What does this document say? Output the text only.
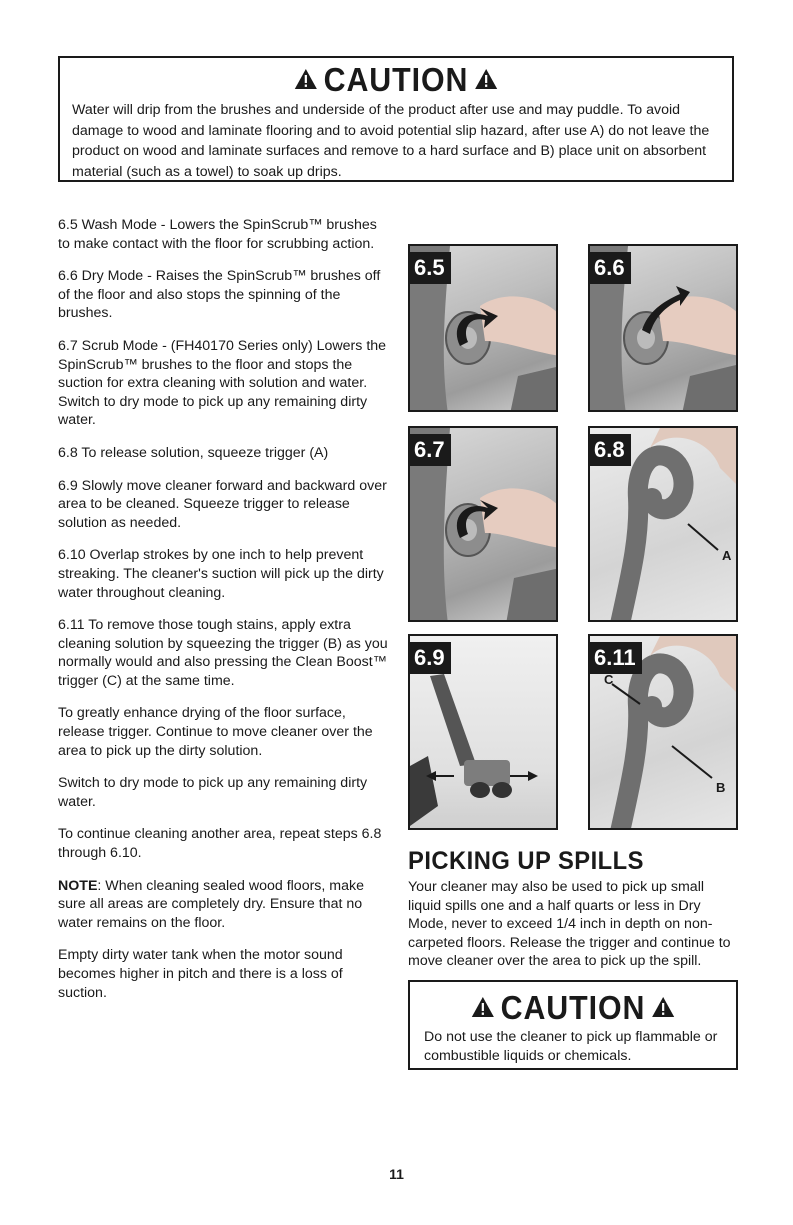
CAUTION

Water will drip from the brushes and underside of the product after use and may puddle. To avoid damage to wood and laminate flooring and to avoid potential slip hazard, after use A) do not leave the product on wood and laminate surfaces and remove to a hard surface and B) place unit on absorbent material (such as a towel) to soak up drips.

6.5 Wash Mode - Lowers the SpinScrub™ brushes to make contact with the floor for scrubbing action.

6.6 Dry Mode - Raises the SpinScrub™ brushes off of the floor and also stops the spinning of the brushes.

6.7 Scrub Mode - (FH40170 Series only) Lowers the SpinScrub™ brushes to the floor and stops the suction for extra cleaning with solution and water. Switch to dry mode to pick up any remaining dirty water.

6.8 To release solution, squeeze trigger (A)

6.9 Slowly move cleaner forward and backward over area to be cleaned. Squeeze trigger to release solution as needed.

6.10 Overlap strokes by one inch to help prevent streaking. The cleaner's suction will pick up the dirty water throughout cleaning.

6.11 To remove those tough stains, apply extra cleaning solution by squeezing the trigger (B) as you normally would and also pressing the Clean Boost™ trigger (C) at the same time.

To greatly enhance drying of the floor surface, release trigger. Continue to move cleaner over the area to pick up the dirty solution.

Switch to dry mode to pick up any remaining dirty water.

To continue cleaning another area, repeat steps 6.8 through 6.10.

NOTE: When cleaning sealed wood floors, make sure all areas are completely dry. Ensure that no water remains on the floor.

Empty dirty water tank when the motor sound becomes higher in pitch and there is a loss of suction.

6.5	6.6
6.7	6.8
A
6.9	6.11
C
B
PICKING UP SPILLS

Your cleaner may also be used to pick up small liquid spills one and a half quarts or less in Dry Mode, never to exceed 1/4 inch in depth on non-carpeted floors. Release the trigger and continue to move cleaner over the area to pick up the spill.

CAUTION

Do not use the cleaner to pick up flammable or combustible liquids or chemicals.

11
